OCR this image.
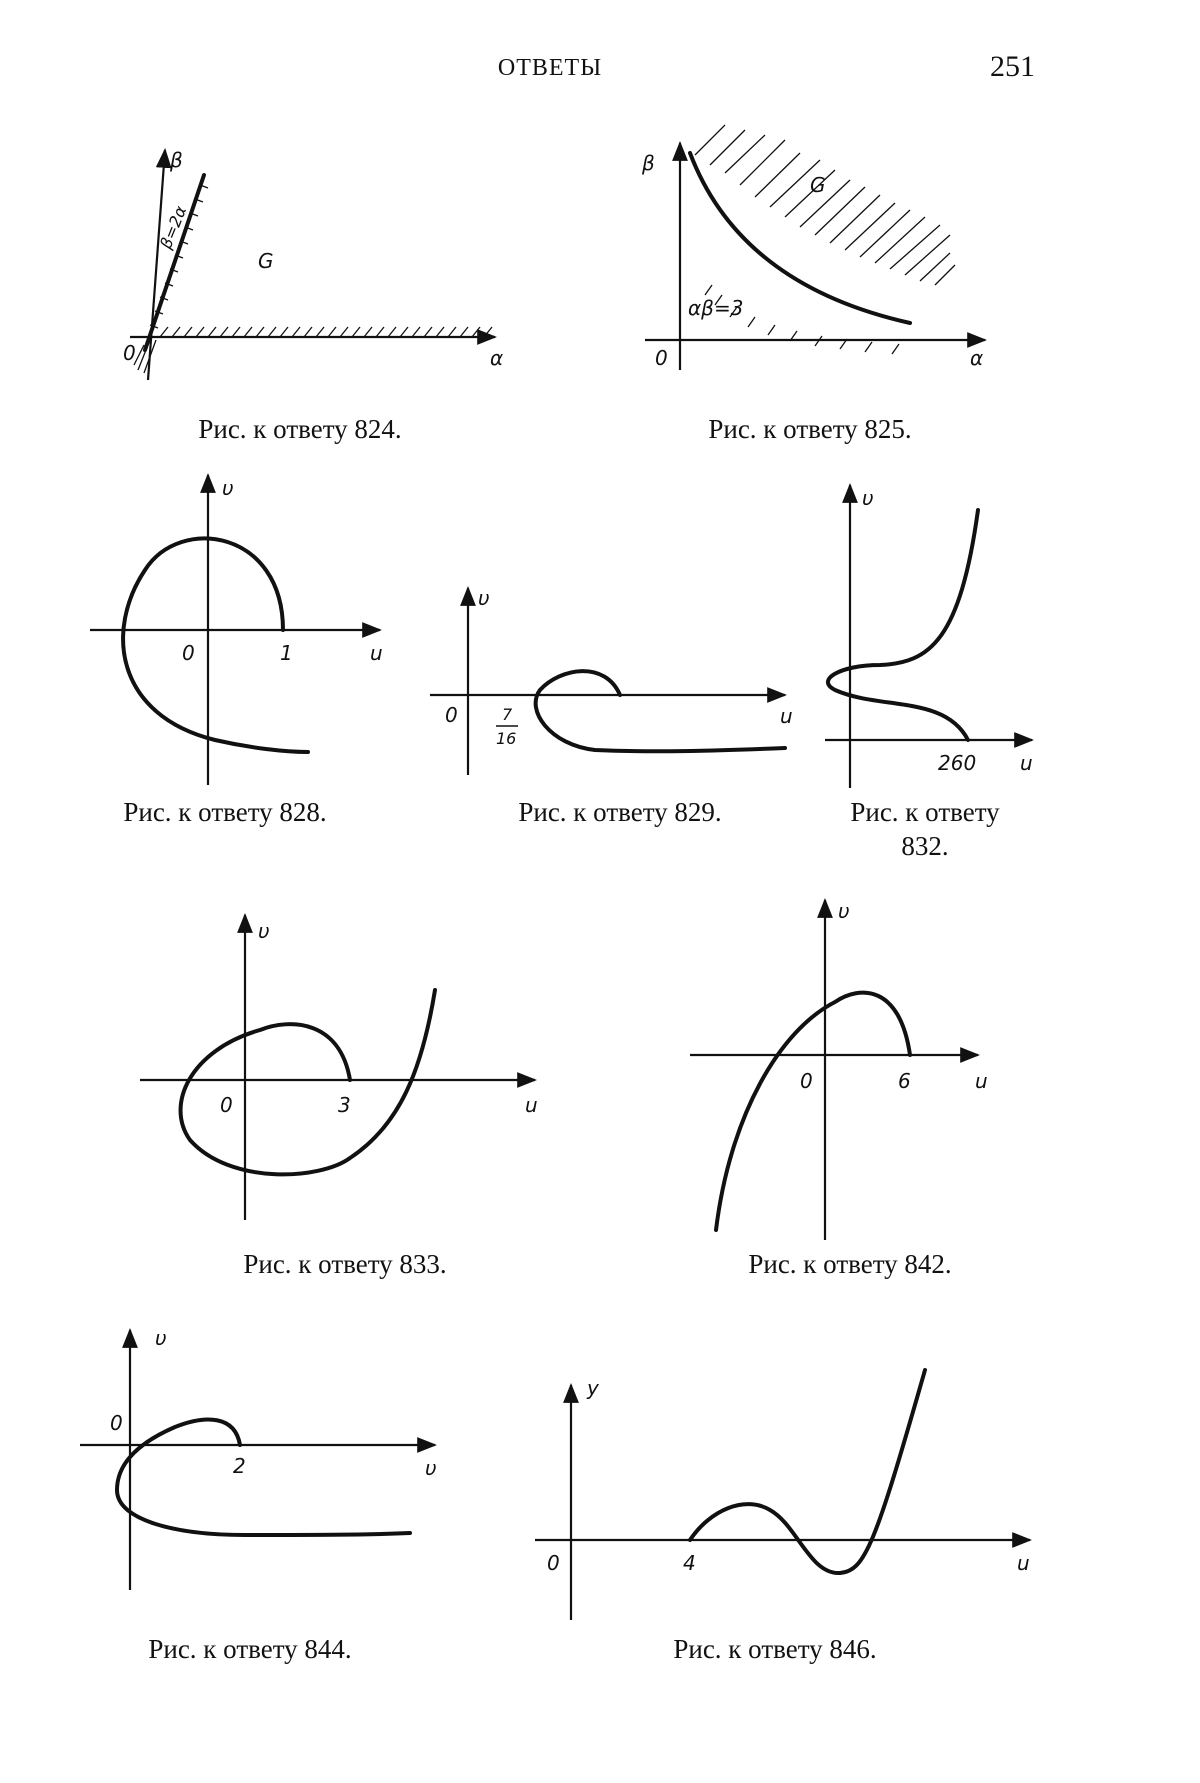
ОТВЕТЫ	251
β
α
β=2α
G
0
Рис. к ответу 824.
β
α
αβ=3
G
0
Рис. к ответу 825.
υ
u
0	1
Рис. к ответу 828.
υ
u
0	7
16
Рис. к ответу 829.
υ
u
260
Рис. к ответу
832.
υ
u
0	3
Рис. к ответу 833.
υ
u
0	6
Рис. к ответу 842.
υ
υ
0
2
Рис. к ответу 844.
y
u
0	4
Рис. к ответу 846.
